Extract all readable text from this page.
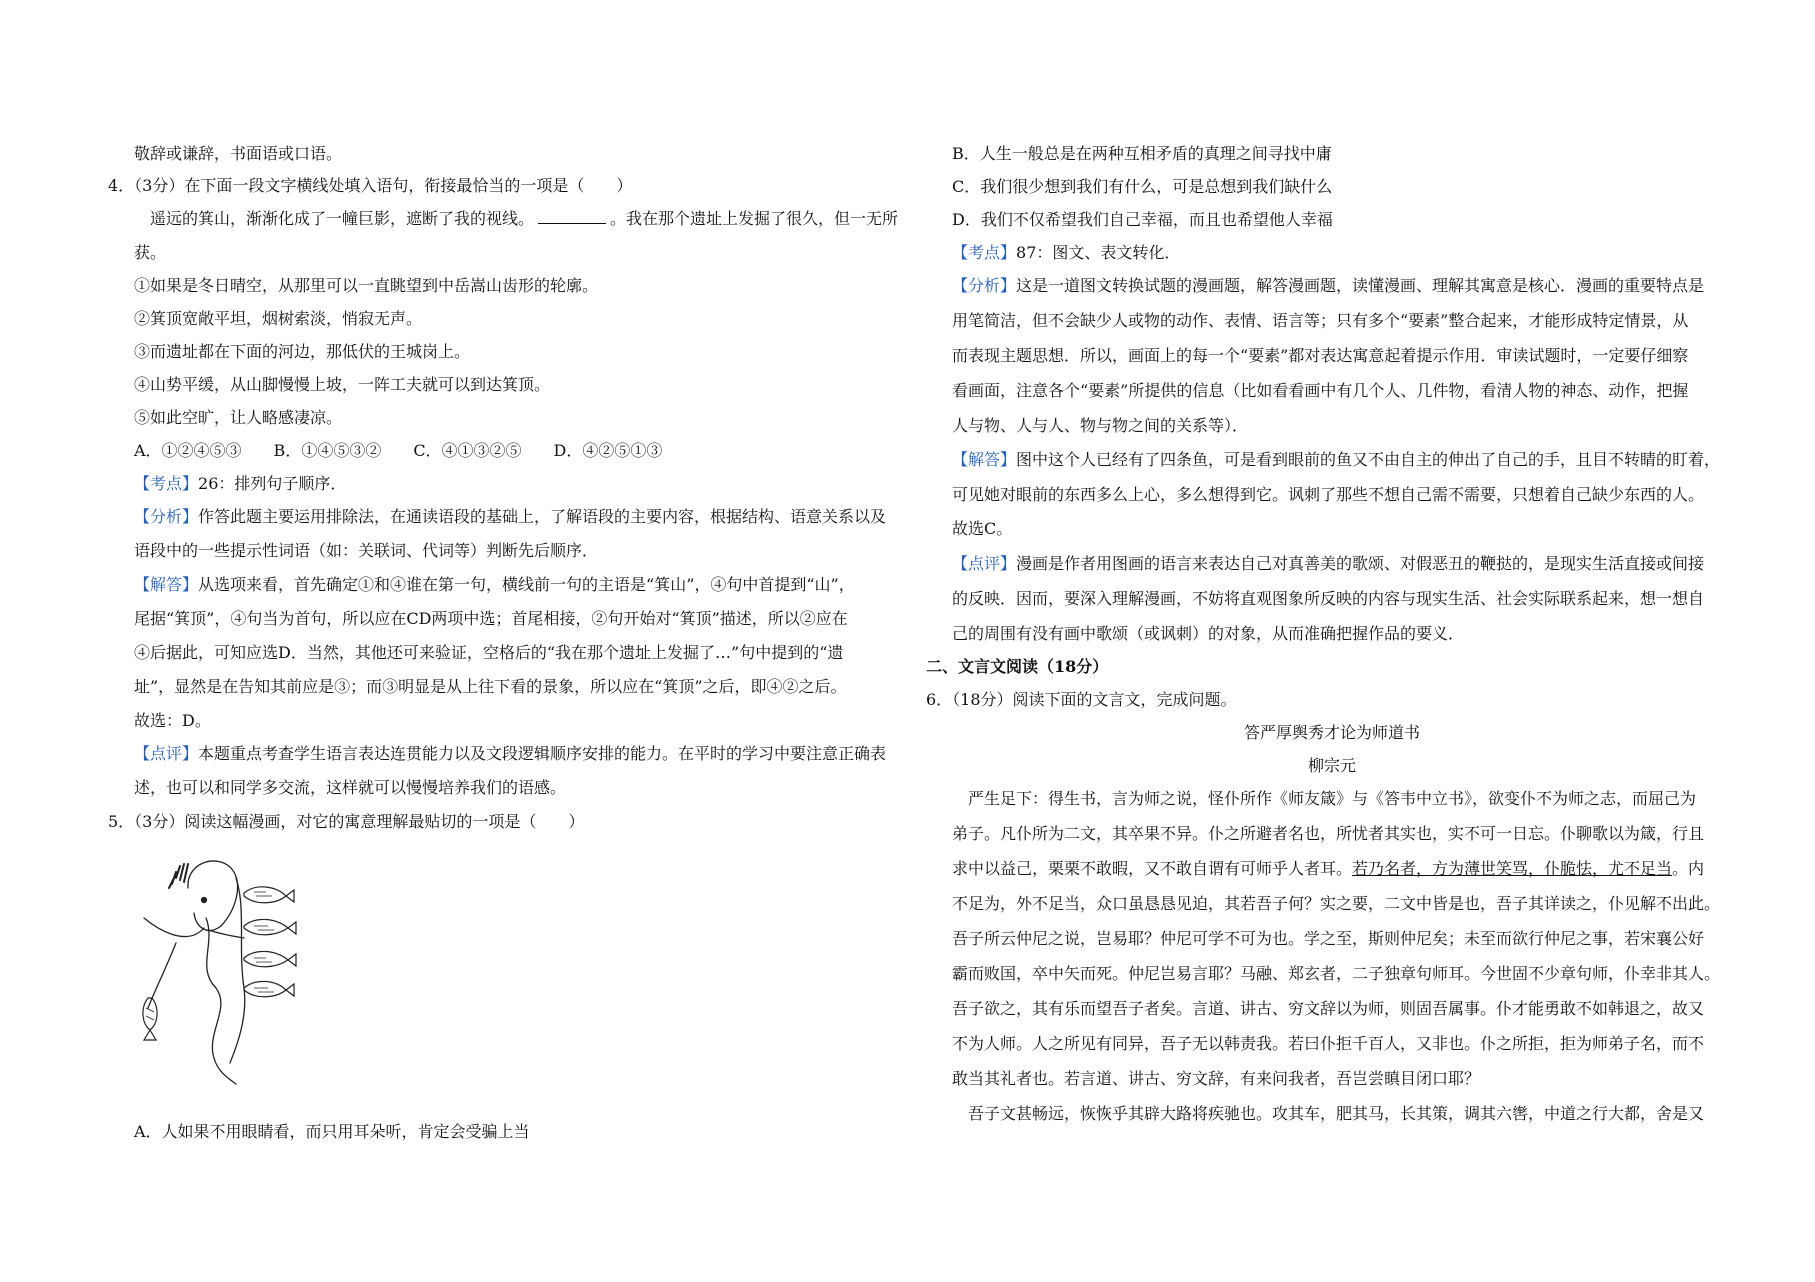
敬辞或谦辞，书面语或口语。
4．（3分）在下面一段文字横线处填入语句，衔接最恰当的一项是（　　）
遥远的箕山，渐渐化成了一幢巨影，遮断了我的视线。	。我在那个遗址上发掘了很久，但一无所
获。
①如果是冬日晴空，从那里可以一直眺望到中岳嵩山齿形的轮廓。
②箕顶宽敞平坦，烟树索淡，悄寂无声。
③而遗址都在下面的河边，那低伏的王城岗上。
④山势平缓，从山脚慢慢上坡，一阵工夫就可以到达箕顶。
⑤如此空旷，让人略感凄凉。
A．①②④⑤③　　B．①④⑤③②　　C．④①③②⑤　　D．④②⑤①③
【考点】26：排列句子顺序．
【分析】作答此题主要运用排除法，在通读语段的基础上，了解语段的主要内容，根据结构、语意关系以及
语段中的一些提示性词语（如：关联词、代词等）判断先后顺序．
【解答】从选项来看，首先确定①和④谁在第一句，横线前一句的主语是“箕山”，④句中首提到“山”，
尾据“箕顶”，④句当为首句，所以应在CD两项中选；首尾相接，②句开始对“箕顶”描述，所以②应在
④后据此，可知应选D．当然，其他还可来验证，空格后的“我在那个遗址上发掘了…”句中提到的“遗
址”，显然是在告知其前应是③；而③明显是从上往下看的景象，所以应在“箕顶”之后，即④②之后。
故选：D。
【点评】本题重点考查学生语言表达连贯能力以及文段逻辑顺序安排的能力。在平时的学习中要注意正确表
述，也可以和同学多交流，这样就可以慢慢培养我们的语感。
5．（3分）阅读这幅漫画，对它的寓意理解最贴切的一项是（　　）
A．人如果不用眼睛看，而只用耳朵听，肯定会受骗上当
B．人生一般总是在两种互相矛盾的真理之间寻找中庸
C．我们很少想到我们有什么，可是总想到我们缺什么
D．我们不仅希望我们自己幸福，而且也希望他人幸福
【考点】87：图文、表文转化．
【分析】这是一道图文转换试题的漫画题，解答漫画题，读懂漫画、理解其寓意是核心．漫画的重要特点是
用笔简洁，但不会缺少人或物的动作、表情、语言等；只有多个“要素”整合起来，才能形成特定情景，从
而表现主题思想．所以，画面上的每一个“要素”都对表达寓意起着提示作用．审读试题时，一定要仔细察
看画面，注意各个“要素”所提供的信息（比如看看画中有几个人、几件物，看清人物的神态、动作，把握
人与物、人与人、物与物之间的关系等）．
【解答】图中这个人已经有了四条鱼，可是看到眼前的鱼又不由自主的伸出了自己的手，且目不转睛的盯着，
可见她对眼前的东西多么上心，多么想得到它。讽刺了那些不想自己需不需要，只想着自己缺少东西的人。
故选C。
【点评】漫画是作者用图画的语言来表达自己对真善美的歌颂、对假恶丑的鞭挞的，是现实生活直接或间接
的反映．因而，要深入理解漫画，不妨将直观图象所反映的内容与现实生活、社会实际联系起来，想一想自
己的周围有没有画中歌颂（或讽刺）的对象，从而准确把握作品的要义．
二、文言文阅读（18分）
6．（18分）阅读下面的文言文，完成问题。
答严厚舆秀才论为师道书
柳宗元
严生足下：得生书，言为师之说，怪仆所作《师友箴》与《答韦中立书》，欲变仆不为师之志，而屈己为
弟子。凡仆所为二文，其卒果不异。仆之所避者名也，所忧者其实也，实不可一日忘。仆聊歌以为箴，行且
求中以益己，栗栗不敢暇，又不敢自谓有可师乎人者耳。若乃名者，方为薄世笑骂，仆脆怯，尤不足当。内
不足为，外不足当，众口虽恳恳见迫，其若吾子何？实之要，二文中皆是也，吾子其详读之，仆见解不出此。
吾子所云仲尼之说，岂易耶？仲尼可学不可为也。学之至，斯则仲尼矣；未至而欲行仲尼之事，若宋襄公好
霸而败国，卒中矢而死。仲尼岂易言耶？马融、郑玄者，二子独章句师耳。今世固不少章句师，仆幸非其人。
吾子欲之，其有乐而望吾子者矣。言道、讲古、穷文辞以为师，则固吾属事。仆才能勇敢不如韩退之，故又
不为人师。人之所见有同异，吾子无以韩责我。若曰仆拒千百人，又非也。仆之所拒，拒为师弟子名，而不
敢当其礼者也。若言道、讲古、穷文辞，有来问我者，吾岂尝瞋目闭口耶？
吾子文甚畅远，恢恢乎其辟大路将疾驰也。攻其车，肥其马，长其策，调其六辔，中道之行大都，舍是又
